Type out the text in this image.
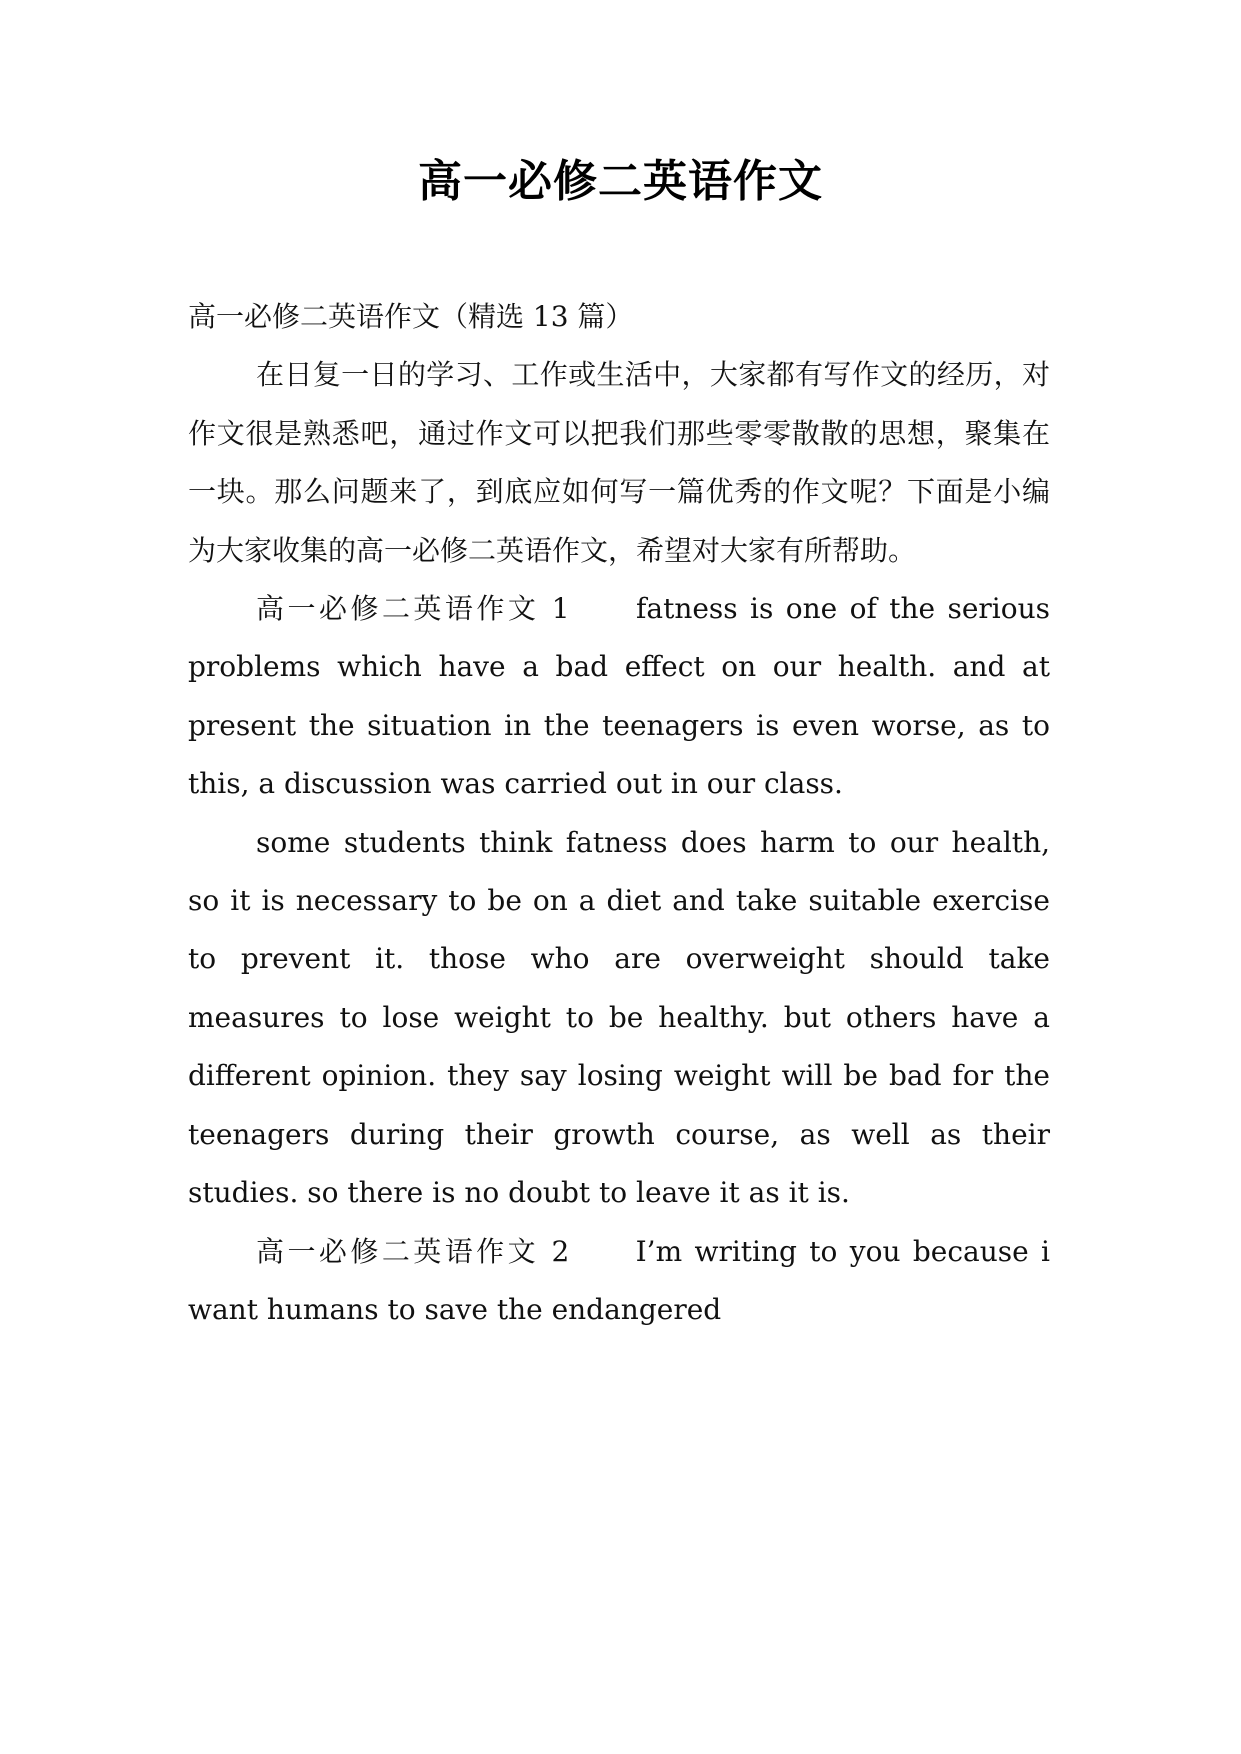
高一必修二英语作文

高一必修二英语作文（精选 13 篇）

在日复一日的学习、工作或生活中，大家都有写作文的经历，对作文很是熟悉吧，通过作文可以把我们那些零零散散的思想，聚集在一块。那么问题来了，到底应如何写一篇优秀的作文呢？下面是小编为大家收集的高一必修二英语作文，希望对大家有所帮助。

高一必修二英语作文 1　　fatness is one of the serious problems which have a bad effect on our health. and at present the situation in the teenagers is even worse, as to this, a discussion was carried out in our class.

some students think fatness does harm to our health, so it is necessary to be on a diet and take suitable exercise to prevent it. those who are overweight should take measures to lose weight to be healthy. but others have a different opinion. they say losing weight will be bad for the teenagers during their growth course, as well as their studies. so there is no doubt to leave it as it is.

高一必修二英语作文 2　　I’m writing to you because i want humans to save the endangered
